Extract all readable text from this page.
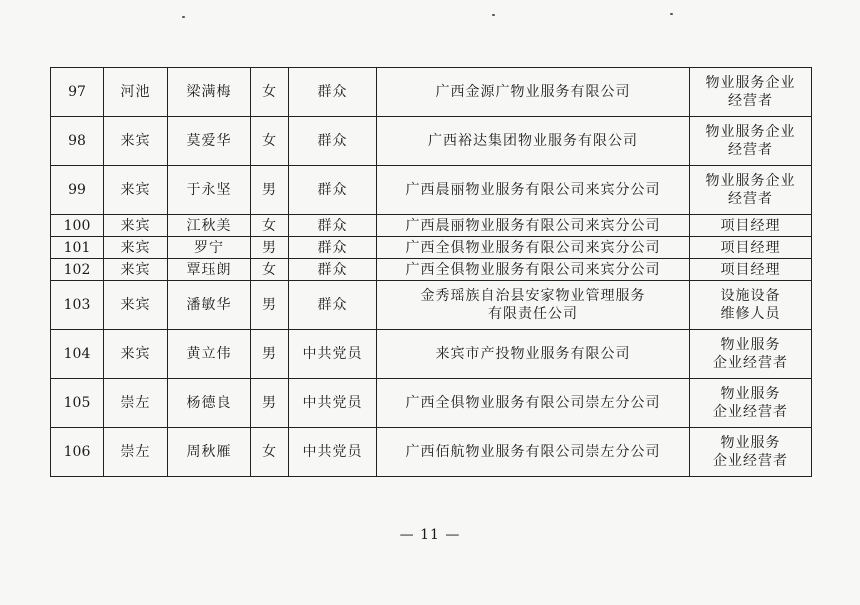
97	河池	梁满梅	女	群众	广西金源广物业服务有限公司	物业服务企业
经营者
98	来宾	莫爱华	女	群众	广西裕达集团物业服务有限公司	物业服务企业
经营者
99	来宾	于永坚	男	群众	广西晨丽物业服务有限公司来宾分公司	物业服务企业
经营者
100	来宾	江秋美	女	群众	广西晨丽物业服务有限公司来宾分公司	项目经理
101	来宾	罗宁	男	群众	广西全俱物业服务有限公司来宾分公司	项目经理
102	来宾	覃珏朗	女	群众	广西全俱物业服务有限公司来宾分公司	项目经理
103	来宾	潘敏华	男	群众	金秀瑶族自治县安家物业管理服务
有限责任公司	设施设备
维修人员
104	来宾	黄立伟	男	中共党员	来宾市产投物业服务有限公司	物业服务
企业经营者
105	崇左	杨德良	男	中共党员	广西全俱物业服务有限公司崇左分公司	物业服务
企业经营者
106	崇左	周秋雁	女	中共党员	广西佰航物业服务有限公司崇左分公司	物业服务
企业经营者
— 11 —
